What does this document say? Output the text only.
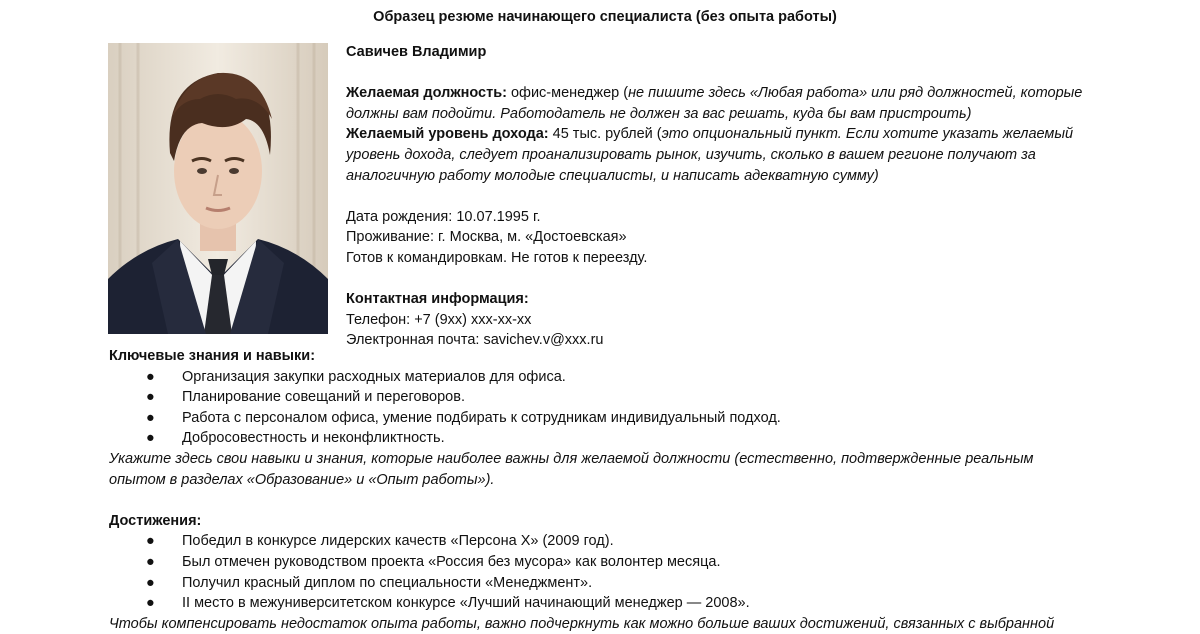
Образец резюме начинающего специалиста (без опыта работы)
Савичев Владимир
Желаемая должность: офис-менеджер (не пишите здесь «Любая работа» или ряд должностей, которые
должны вам подойти. Работодатель не должен за вас решать, куда бы вам пристроить)
Желаемый уровень дохода: 45 тыс. рублей (это опциональный пункт. Если хотите указать желаемый
уровень дохода, следует проанализировать рынок, изучить, сколько в вашем регионе получают за
аналогичную работу молодые специалисты, и написать адекватную сумму)
Дата рождения: 10.07.1995 г.
Проживание: г. Москва, м. «Достоевская»
Готов к командировкам. Не готов к переезду.
Контактная информация:
Телефон: +7 (9xx) xxx-xx-xx
Электронная почта: savichev.v@xxx.ru
Ключевые знания и навыки:
● Организация закупки расходных материалов для офиса.
● Планирование совещаний и переговоров.
● Работа с персоналом офиса, умение подбирать к сотрудникам индивидуальный подход.
● Добросовестность и неконфликтность.
Укажите здесь свои навыки и знания, которые наиболее важны для желаемой должности (естественно, подтвержденные реальным
опытом в разделах «Образование» и «Опыт работы»).
Достижения:
● Победил в конкурсе лидерских качеств «Персона X» (2009 год).
● Был отмечен руководством проекта «Россия без мусора» как волонтер месяца.
● Получил красный диплом по специальности «Менеджмент».
● II место в межуниверситетском конкурсе «Лучший начинающий менеджер — 2008».
Чтобы компенсировать недостаток опыта работы, важно подчеркнуть как можно больше ваших достижений, связанных с выбранной
